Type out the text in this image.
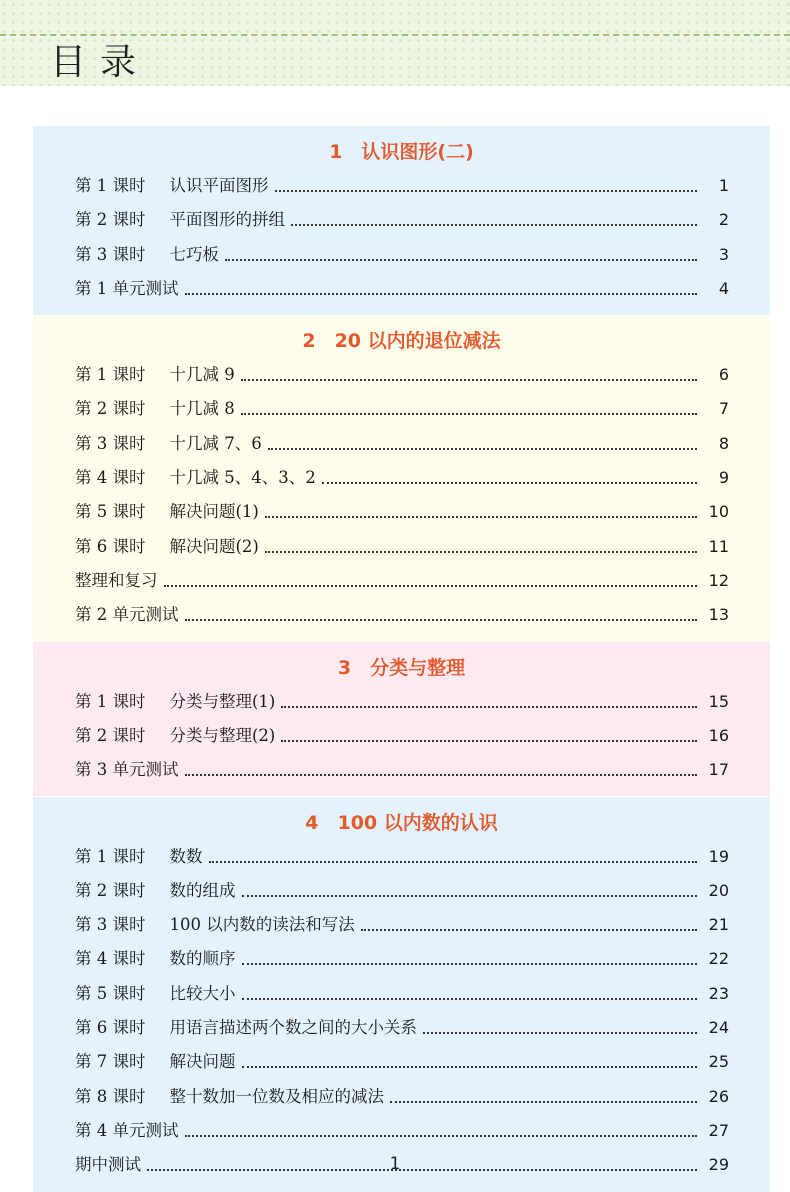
目录
1　认识图形(二)
第 1 课时 认识平面图形	1
第 2 课时 平面图形的拼组	2
第 3 课时 七巧板	3
第 1 单元测试	4
2　20 以内的退位减法
第 1 课时 十几减 9	6
第 2 课时 十几减 8	7
第 3 课时 十几减 7、6	8
第 4 课时 十几减 5、4、3、2	9
第 5 课时 解决问题(1)	10
第 6 课时 解决问题(2)	11
整理和复习	12
第 2 单元测试	13
3　分类与整理
第 1 课时 分类与整理(1)	15
第 2 课时 分类与整理(2)	16
第 3 单元测试	17
4　100 以内数的认识
第 1 课时 数数	19
第 2 课时 数的组成	20
第 3 课时 100 以内数的读法和写法	21
第 4 课时 数的顺序	22
第 5 课时 比较大小	23
第 6 课时 用语言描述两个数之间的大小关系	24
第 7 课时 解决问题	25
第 8 课时 整十数加一位数及相应的减法	26
第 4 单元测试	27
期中测试	29
1
